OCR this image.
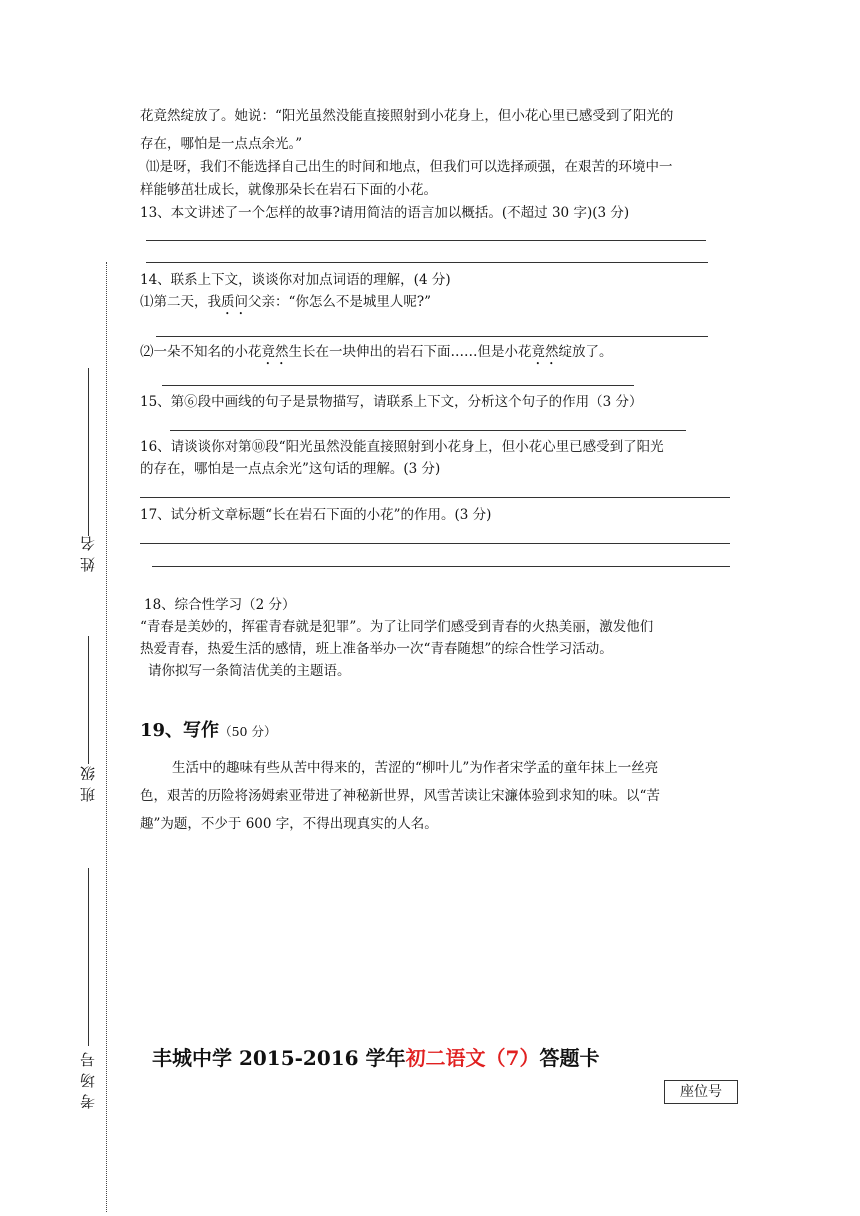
花竟然绽放了。她说：“阳光虽然没能直接照射到小花身上，但小花心里已感受到了阳光的
存在，哪怕是一点点余光。”
⑾是呀，我们不能选择自己出生的时间和地点，但我们可以选择顽强，在艰苦的环境中一
样能够茁壮成长，就像那朵长在岩石下面的小花。
13、本文讲述了一个怎样的故事?请用简洁的语言加以概括。(不超过 30 字)(3 分)
14、联系上下文，谈谈你对加点词语的理解，(4 分)
⑴第二天，我质问父亲：“你怎么不是城里人呢?”
⑵一朵不知名的小花竟然生长在一块伸出的岩石下面……但是小花竟然绽放了。
15、第⑥段中画线的句子是景物描写，请联系上下文，分析这个句子的作用（3 分）
16、请谈谈你对第⑩段“阳光虽然没能直接照射到小花身上，但小花心里已感受到了阳光
的存在，哪怕是一点点余光”这句话的理解。(3 分)
17、试分析文章标题“长在岩石下面的小花”的作用。(3 分)
18、综合性学习（2 分）
“青春是美妙的，挥霍青春就是犯罪”。为了让同学们感受到青春的火热美丽，激发他们
热爱青春，热爱生活的感情，班上准备举办一次“青春随想”的综合性学习活动。
请你拟写一条简洁优美的主题语。
19、写作（50 分）
生活中的趣味有些从苦中得来的，苦涩的“柳叶儿”为作者宋学孟的童年抹上一丝亮
色，艰苦的历险将汤姆索亚带进了神秘新世界，风雪苦读让宋濂体验到求知的味。以“苦
趣”为题，不少于 600 字，不得出现真实的人名。
姓名
班级
考场号	丰城中学 2015-2016 学年初二语文（7）答题卡
座位号
